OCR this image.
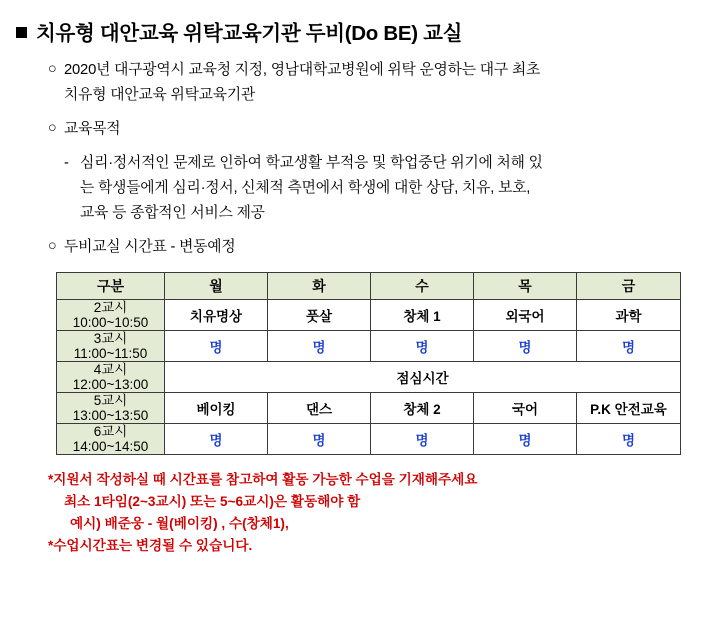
치유형 대안교육 위탁교육기관 두비(Do BE) 교실
○ 2020년 대구광역시 교육청 지정, 영남대학교병원에 위탁 운영하는 대구 최초
치유형 대안교육 위탁교육기관
○ 교육목적
- 심리·정서적인 문제로 인하여 학교생활 부적응 및 학업중단 위기에 처해 있
는 학생들에게 심리·정서, 신체적 측면에서 학생에 대한 상담, 치유, 보호,
교육 등 종합적인 서비스 제공
○ 두비교실 시간표 - 변동예정
구분	월	화	수	목	금

2교시
10:00~10:50	치유명상	풋살	창체 1	외국어	과학

3교시
11:00~11:50	명	명	명	명	명

4교시
12:00~13:00	점심시간				

5교시
13:00~13:50	베이킹	댄스	창체 2	국어	P.K 안전교육

6교시
14:00~14:50	명	명	명	명	명
*지원서 작성하실 때 시간표를 참고하여 활동 가능한 수업을 기재해주세요
최소 1타임(2~3교시) 또는 5~6교시)은 활동해야 함
예시) 배준웅 - 월(베이킹) , 수(창체1),
*수업시간표는 변경될 수 있습니다.
